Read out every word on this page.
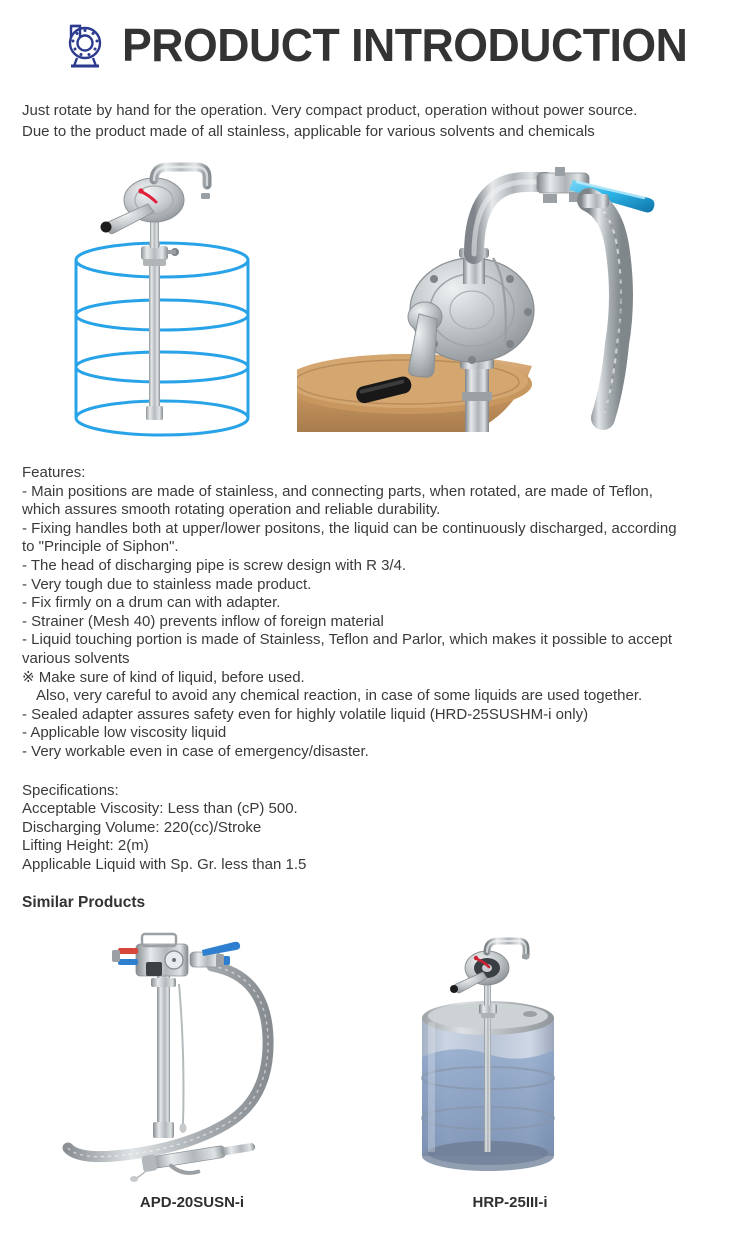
PRODUCT INTRODUCTION

Just rotate by hand for the operation. Very compact product, operation without power source.

Due to the product made of all stainless, applicable for various solvents and chemicals

Features:

- Main positions are made of stainless, and connecting parts, when rotated, are made of Teflon,

which assures smooth rotating operation and reliable durability.

- Fixing handles both at upper/lower positons, the liquid can be continuously discharged, according

to "Principle of Siphon".

- The head of discharging pipe is screw design with R 3/4.

- Very tough due to stainless made product.

- Fix firmly on a drum can with adapter.

- Strainer (Mesh 40) prevents inflow of foreign material

- Liquid touching portion is made of Stainless, Teflon and Parlor, which makes it possible to accept

various solvents

※ Make sure of kind of liquid, before used.

Also, very careful to avoid any chemical reaction, in case of some liquids are used together.

- Sealed adapter assures safety even for highly volatile liquid (HRD-25SUSHM-i only)

- Applicable low viscosity liquid

- Very workable even in case of emergency/disaster.

Specifications:

Acceptable Viscosity: Less than (cP) 500.

Discharging Volume: 220(cc)/Stroke

Lifting Height: 2(m)

Applicable Liquid with Sp. Gr. less than 1.5

Similar Products
APD-20SUSN-i	HRP-25III-i
